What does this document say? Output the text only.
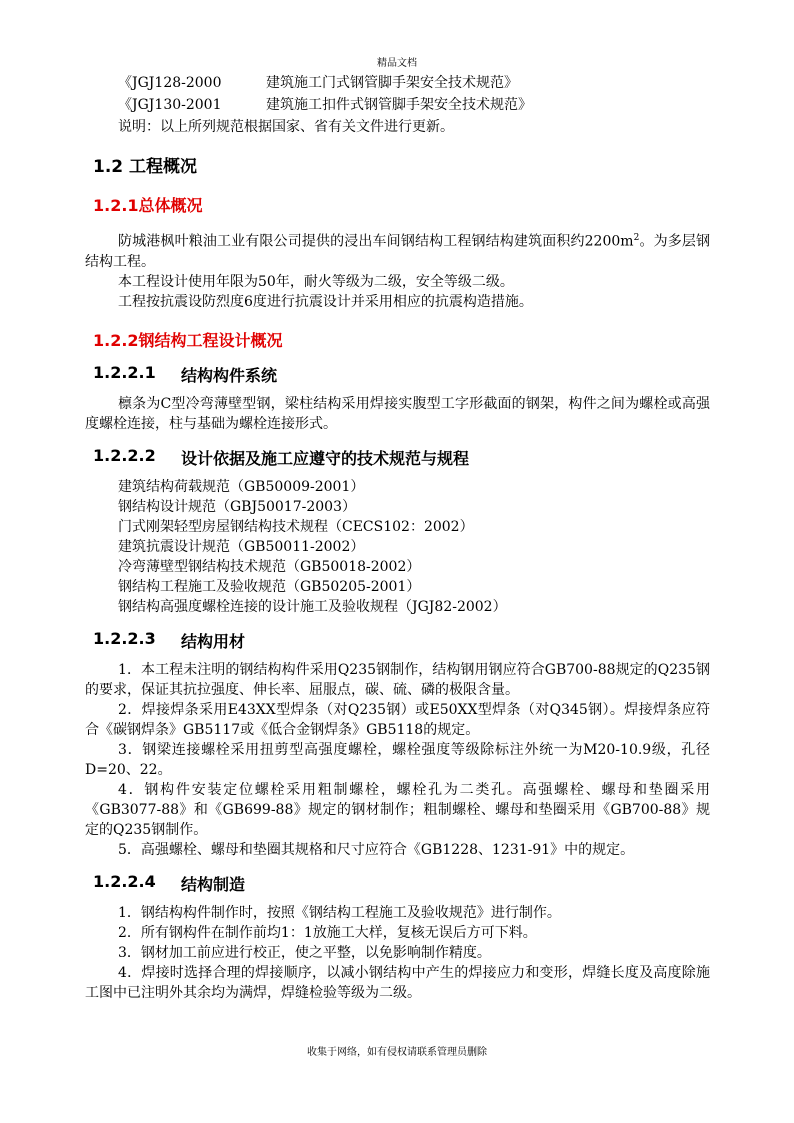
精品文档
《JGJ128-2000	建筑施工门式钢管脚手架安全技术规范》
《JGJ130-2001	建筑施工扣件式钢管脚手架安全技术规范》

说明：以上所列规范根据国家、省有关文件进行更新。

1.2 工程概况
1.2.1总体概况

防城港枫叶粮油工业有限公司提供的浸出车间钢结构工程钢结构建筑面积约$2200m^2$。为多层钢结构工程。

本工程设计使用年限为50年，耐火等级为二级，安全等级二级。

工程按抗震设防烈度6度进行抗震设计并采用相应的抗震构造措施。

1.2.2钢结构工程设计概况
1.2.2.1	结构构件系统

檩条为C型冷弯薄壁型钢，梁柱结构采用焊接实腹型工字形截面的钢架，构件之间为螺栓或高强度螺栓连接，柱与基础为螺栓连接形式。

1.2.2.2	设计依据及施工应遵守的技术规范与规程

建筑结构荷载规范（GB50009-2001）

钢结构设计规范（GBJ50017-2003）

门式刚架轻型房屋钢结构技术规程（CECS102：2002）

建筑抗震设计规范（GB50011-2002）

冷弯薄壁型钢结构技术规范（GB50018-2002）

钢结构工程施工及验收规范（GB50205-2001）

钢结构高强度螺栓连接的设计施工及验收规程（JGJ82-2002）

1.2.2.3	结构用材

1．本工程未注明的钢结构构件采用Q235钢制作，结构钢用钢应符合GB700-88规定的Q235钢的要求，保证其抗拉强度、伸长率、屈服点，碳、硫、磷的极限含量。

2．焊接焊条采用E43XX型焊条（对Q235钢）或E50XX型焊条（对Q345钢）。焊接焊条应符合《碳钢焊条》GB5117或《低合金钢焊条》GB5118的规定。

3．钢梁连接螺栓采用扭剪型高强度螺栓，螺栓强度等级除标注外统一为M20-10.9级，孔径D=20、22。

4．钢构件安装定位螺栓采用粗制螺栓，螺栓孔为二类孔。高强螺栓、螺母和垫圈采用《GB3077-88》和《GB699-88》规定的钢材制作；粗制螺栓、螺母和垫圈采用《GB700-88》规定的Q235钢制作。

5．高强螺栓、螺母和垫圈其规格和尺寸应符合《GB1228、1231-91》中的规定。

1.2.2.4	结构制造

1．钢结构构件制作时，按照《钢结构工程施工及验收规范》进行制作。

2．所有钢构件在制作前均1：1放施工大样，复核无误后方可下料。

3．钢材加工前应进行校正，使之平整，以免影响制作精度。

4．焊接时选择合理的焊接顺序，以减小钢结构中产生的焊接应力和变形，焊缝长度及高度除施工图中已注明外其余均为满焊，焊缝检验等级为二级。

收集于网络，如有侵权请联系管理员删除
